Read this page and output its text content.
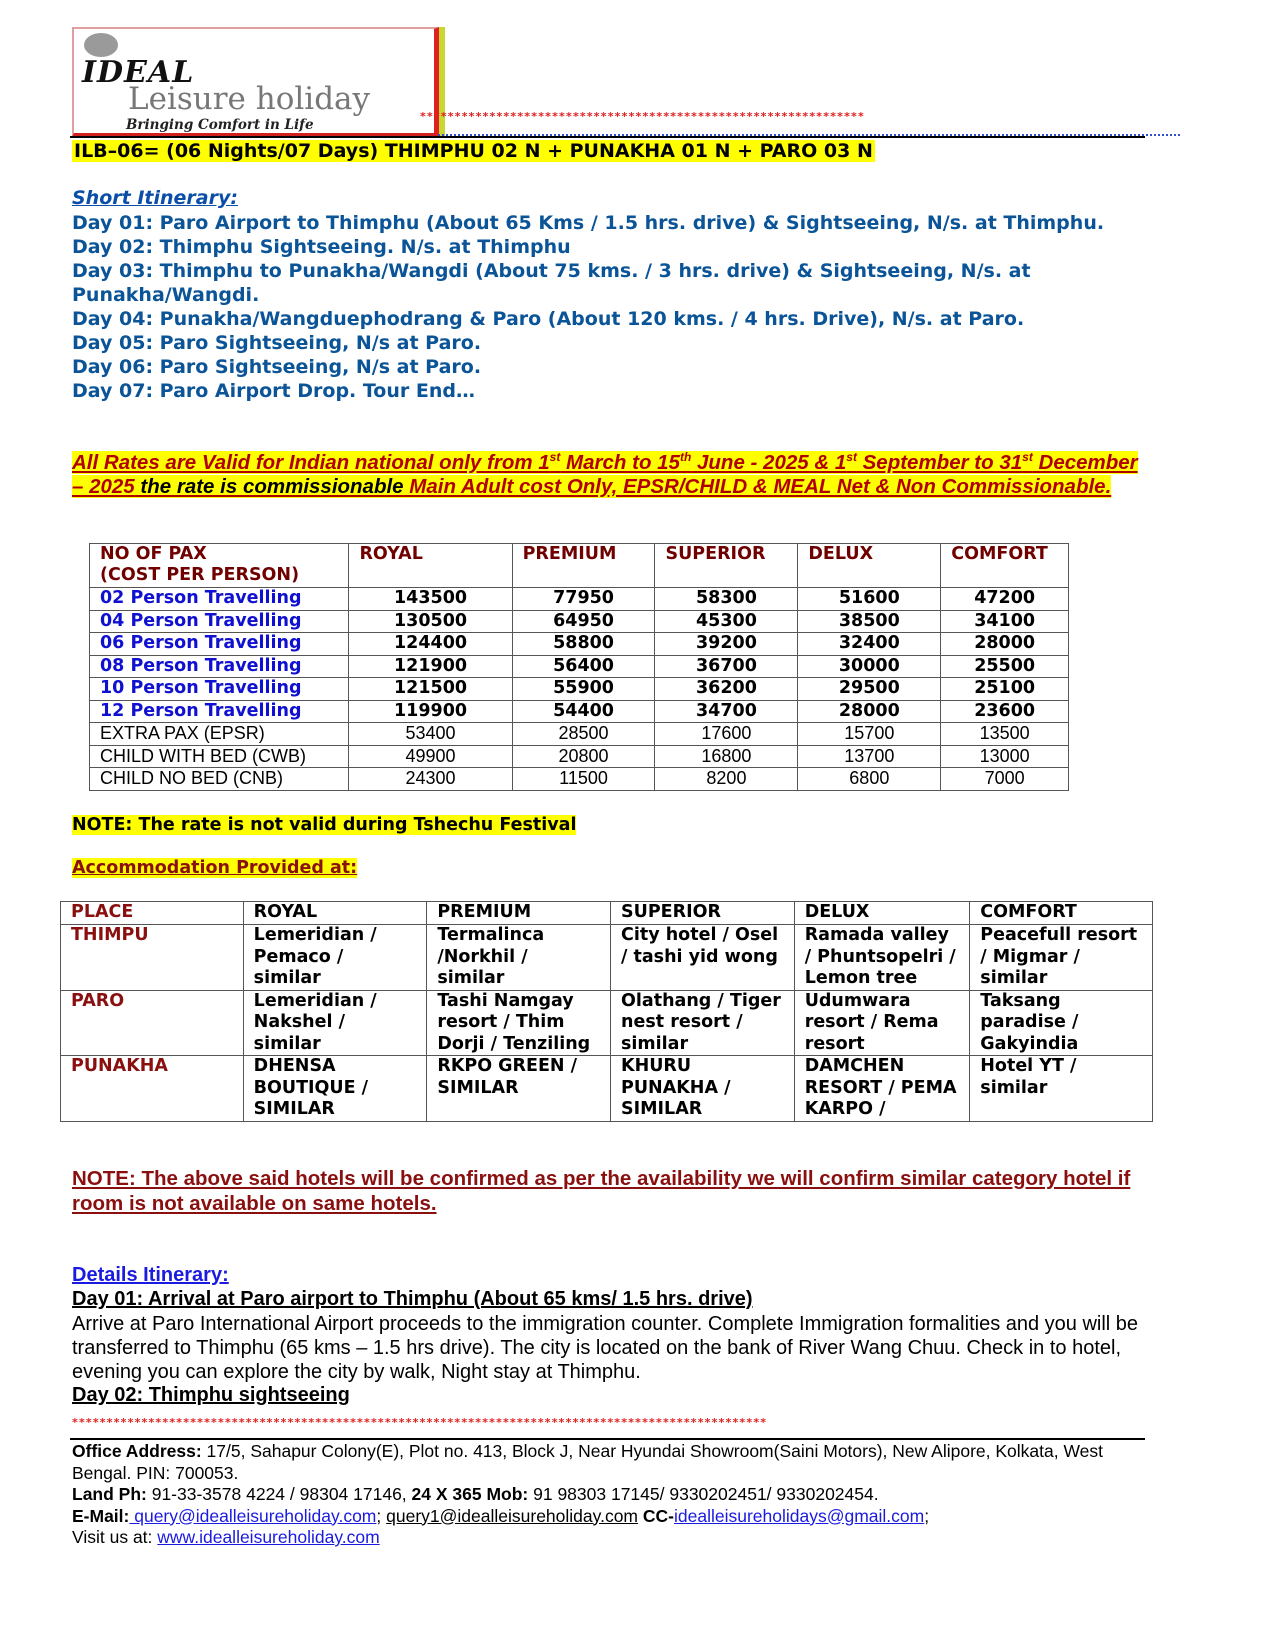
IDEAL
Leisure holiday
Bringing Comfort in Life
****************************************************************
ILB–06= (06 Nights/07 Days) THIMPHU 02 N + PUNAKHA 01 N + PARO 03 N
Short Itinerary:
Day 01: Paro Airport to Thimphu (About 65 Kms / 1.5 hrs. drive) & Sightseeing, N/s. at Thimphu.
Day 02: Thimphu Sightseeing. N/s. at Thimphu
Day 03: Thimphu to Punakha/Wangdi (About 75 kms. / 3 hrs. drive) & Sightseeing, N/s. at Punakha/Wangdi.
Day 04: Punakha/Wangduephodrang & Paro (About 120 kms. / 4 hrs. Drive), N/s. at Paro.
Day 05: Paro Sightseeing, N/s at Paro.
Day 06: Paro Sightseeing, N/s at Paro.
Day 07: Paro Airport Drop. Tour End…
All Rates are Valid for Indian national only from 1st March to 15th June - 2025 & 1st September to 31st December – 2025 the rate is commissionable Main Adult cost Only, EPSR/CHILD & MEAL Net & Non Commissionable.
NO OF PAX
(COST PER PERSON)	ROYAL	PREMIUM	SUPERIOR	DELUX	COMFORT
02 Person Travelling	143500	77950	58300	51600	47200
04 Person Travelling	130500	64950	45300	38500	34100
06 Person Travelling	124400	58800	39200	32400	28000
08 Person Travelling	121900	56400	36700	30000	25500
10 Person Travelling	121500	55900	36200	29500	25100
12 Person Travelling	119900	54400	34700	28000	23600
EXTRA PAX (EPSR)	53400	28500	17600	15700	13500
CHILD WITH BED (CWB)	49900	20800	16800	13700	13000
CHILD NO BED (CNB)	24300	11500	8200	6800	7000
NOTE: The rate is not valid during Tshechu Festival
Accommodation Provided at:
PLACE	ROYAL	PREMIUM	SUPERIOR	DELUX	COMFORT
THIMPU	Lemeridian / Pemaco / similar	Termalinca /Norkhil / similar	City hotel / Osel / tashi yid wong	Ramada valley / Phuntsopelri / Lemon tree	Peacefull resort / Migmar / similar
PARO	Lemeridian / Nakshel / similar	Tashi Namgay resort / Thim Dorji / Tenziling	Olathang / Tiger nest resort / similar	Udumwara resort / Rema resort	Taksang paradise / Gakyindia
PUNAKHA	DHENSA BOUTIQUE / SIMILAR	RKPO GREEN / SIMILAR	KHURU PUNAKHA / SIMILAR	DAMCHEN RESORT / PEMA KARPO /	Hotel YT / similar
NOTE: The above said hotels will be confirmed as per the availability we will confirm similar category hotel if room is not available on same hotels.
Details Itinerary:
Day 01: Arrival at Paro airport to Thimphu (About 65 kms/ 1.5 hrs. drive)
Arrive at Paro International Airport proceeds to the immigration counter. Complete Immigration formalities and you will be transferred to Thimphu (65 kms – 1.5 hrs drive). The city is located on the bank of River Wang Chuu. Check in to hotel, evening you can explore the city by walk, Night stay at Thimphu.
Day 02: Thimphu sightseeing
****************************************************************************************************
Office Address: 17/5, Sahapur Colony(E), Plot no. 413, Block J, Near Hyundai Showroom(Saini Motors), New Alipore, Kolkata, West Bengal. PIN: 700053.
Land Ph: 91-33-3578 4224 / 98304 17146, 24 X 365 Mob: 91 98303 17145/ 9330202451/ 9330202454.
E-Mail: query@idealleisureholiday.com; query1@idealleisureholiday.com CC-idealleisureholidays@gmail.com;
Visit us at: www.idealleisureholiday.com
